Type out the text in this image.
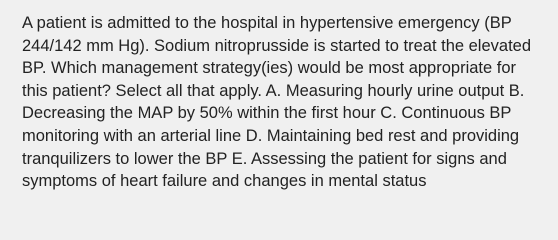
A patient is admitted to the hospital in hypertensive emergency (BP 244/142 mm Hg). Sodium nitroprusside is started to treat the elevated BP. Which management strategy(ies) would be most appropriate for this patient? Select all that apply. A. Measuring hourly urine output B. Decreasing the MAP by 50% within the first hour C. Continuous BP monitoring with an arterial line D. Maintaining bed rest and providing tranquilizers to lower the BP E. Assessing the patient for signs and symptoms of heart failure and changes in mental status
